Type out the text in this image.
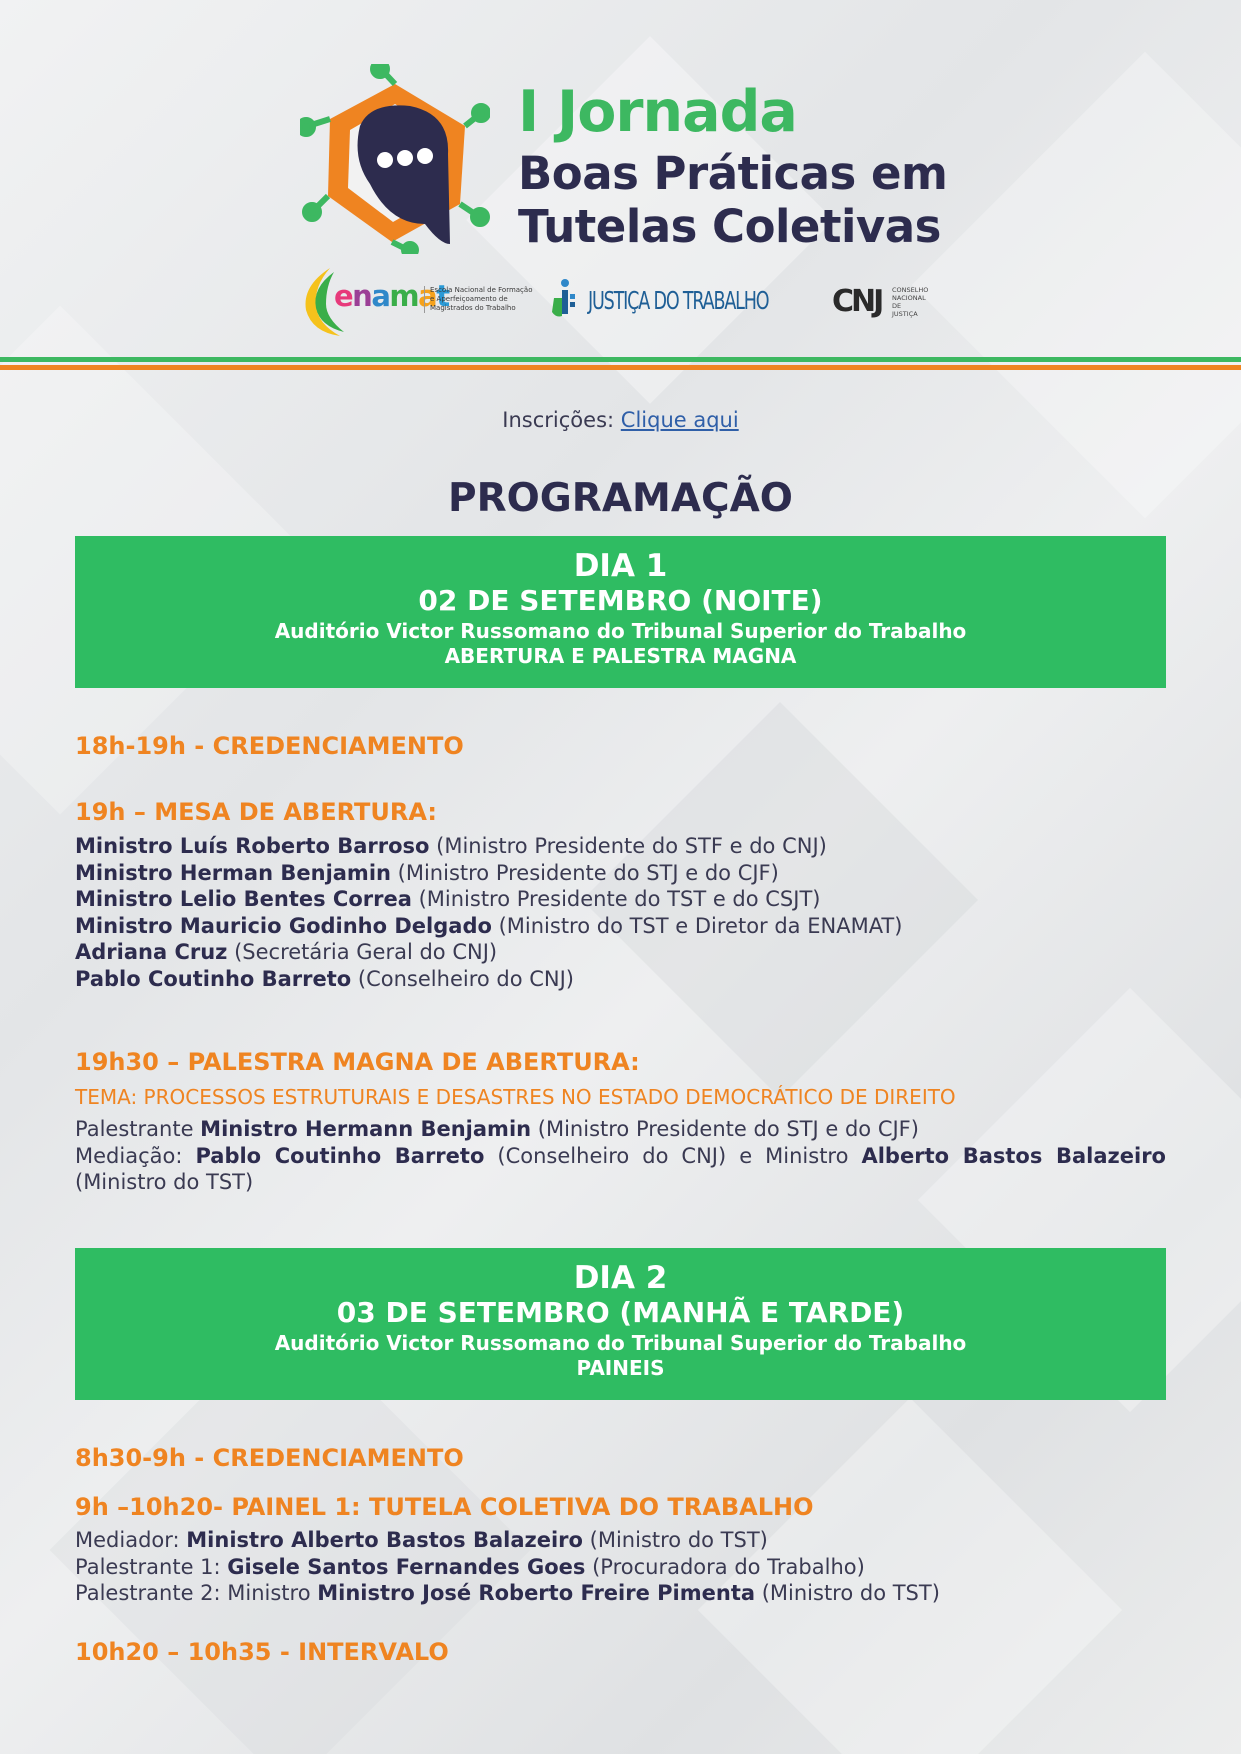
I Jornada
Boas Práticas em
Tutelas Coletivas
enamat
Escola Nacional de Formação
e Aperfeiçoamento de
Magistrados do Trabalho	JUSTIÇA DO TRABALHO CNJ CONSELHO
NACIONAL
DE JUSTIÇA
Inscrições: Clique aqui
PROGRAMAÇÃO
DIA 1
02 DE SETEMBRO (NOITE)
Auditório Victor Russomano do Tribunal Superior do Trabalho
ABERTURA E PALESTRA MAGNA
18h-19h - CREDENCIAMENTO
19h – MESA DE ABERTURA:
Ministro Luís Roberto Barroso (Ministro Presidente do STF e do CNJ)
Ministro Herman Benjamin (Ministro Presidente do STJ e do CJF)
Ministro Lelio Bentes Correa (Ministro Presidente do TST e do CSJT)
Ministro Mauricio Godinho Delgado (Ministro do TST e Diretor da ENAMAT)
Adriana Cruz (Secretária Geral do CNJ)
Pablo Coutinho Barreto (Conselheiro do CNJ)
19h30 – PALESTRA MAGNA DE ABERTURA:
TEMA: PROCESSOS ESTRUTURAIS E DESASTRES NO ESTADO DEMOCRÁTICO DE DIREITO
Palestrante Ministro Hermann Benjamin (Ministro Presidente do STJ e do CJF)
Mediação: Pablo Coutinho Barreto (Conselheiro do CNJ) e Ministro Alberto Bastos Balazeiro (Ministro do TST)
DIA 2
03 DE SETEMBRO (MANHÃ E TARDE)
Auditório Victor Russomano do Tribunal Superior do Trabalho
PAINEIS
8h30-9h - CREDENCIAMENTO
9h –10h20- PAINEL 1: TUTELA COLETIVA DO TRABALHO
Mediador: Ministro Alberto Bastos Balazeiro (Ministro do TST)
Palestrante 1: Gisele Santos Fernandes Goes (Procuradora do Trabalho)
Palestrante 2: Ministro Ministro José Roberto Freire Pimenta (Ministro do TST)
10h20 – 10h35 - INTERVALO
